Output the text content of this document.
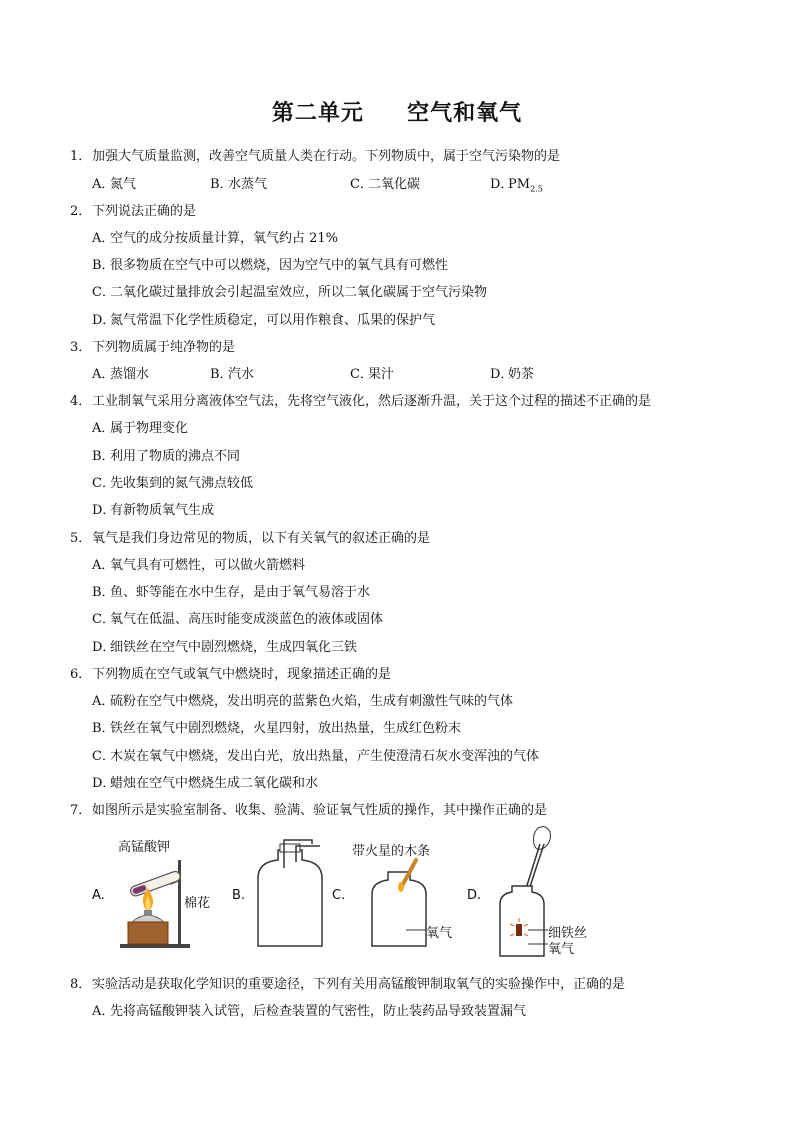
第二单元 空气和氧气
1．加强大气质量监测，改善空气质量人类在行动。下列物质中，属于空气污染物的是
A．氮气	B．水蒸气	C．二氧化碳	D．$PM_{2.5}$
2．下列说法正确的是
A．空气的成分按质量计算，氧气约占 21%
B．很多物质在空气中可以燃烧，因为空气中的氧气具有可燃性
C．二氧化碳过量排放会引起温室效应，所以二氧化碳属于空气污染物
D．氮气常温下化学性质稳定，可以用作粮食、瓜果的保护气
3．下列物质属于纯净物的是
A．蒸馏水	B．汽水	C．果汁	D．奶茶
4．工业制氧气采用分离液体空气法，先将空气液化，然后逐渐升温，关于这个过程的描述不正确的是
A．属于物理变化
B．利用了物质的沸点不同
C．先收集到的氮气沸点较低
D．有新物质氧气生成
5．氧气是我们身边常见的物质，以下有关氧气的叙述正确的是
A．氧气具有可燃性，可以做火箭燃料
B．鱼、虾等能在水中生存，是由于氧气易溶于水
C．氧气在低温、高压时能变成淡蓝色的液体或固体
D．细铁丝在空气中剧烈燃烧，生成四氧化三铁
6．下列物质在空气或氧气中燃烧时，现象描述正确的是
A．硫粉在空气中燃烧，发出明亮的蓝紫色火焰，生成有刺激性气味的气体
B．铁丝在氧气中剧烈燃烧，火星四射，放出热量，生成红色粉末
C．木炭在氧气中燃烧，发出白光，放出热量，产生使澄清石灰水变浑浊的气体
D．蜡烛在空气中燃烧生成二氧化碳和水
7．如图所示是实验室制备、收集、验满、验证氧气性质的操作，其中操作正确的是
A.
高锰酸钾
棉花
B.	C.
带火星的木条
氧气
D.
细铁丝
氧气
8．实验活动是获取化学知识的重要途径，下列有关用高锰酸钾制取氧气的实验操作中，正确的是
A．先将高锰酸钾装入试管，后检查装置的气密性，防止装药品导致装置漏气
